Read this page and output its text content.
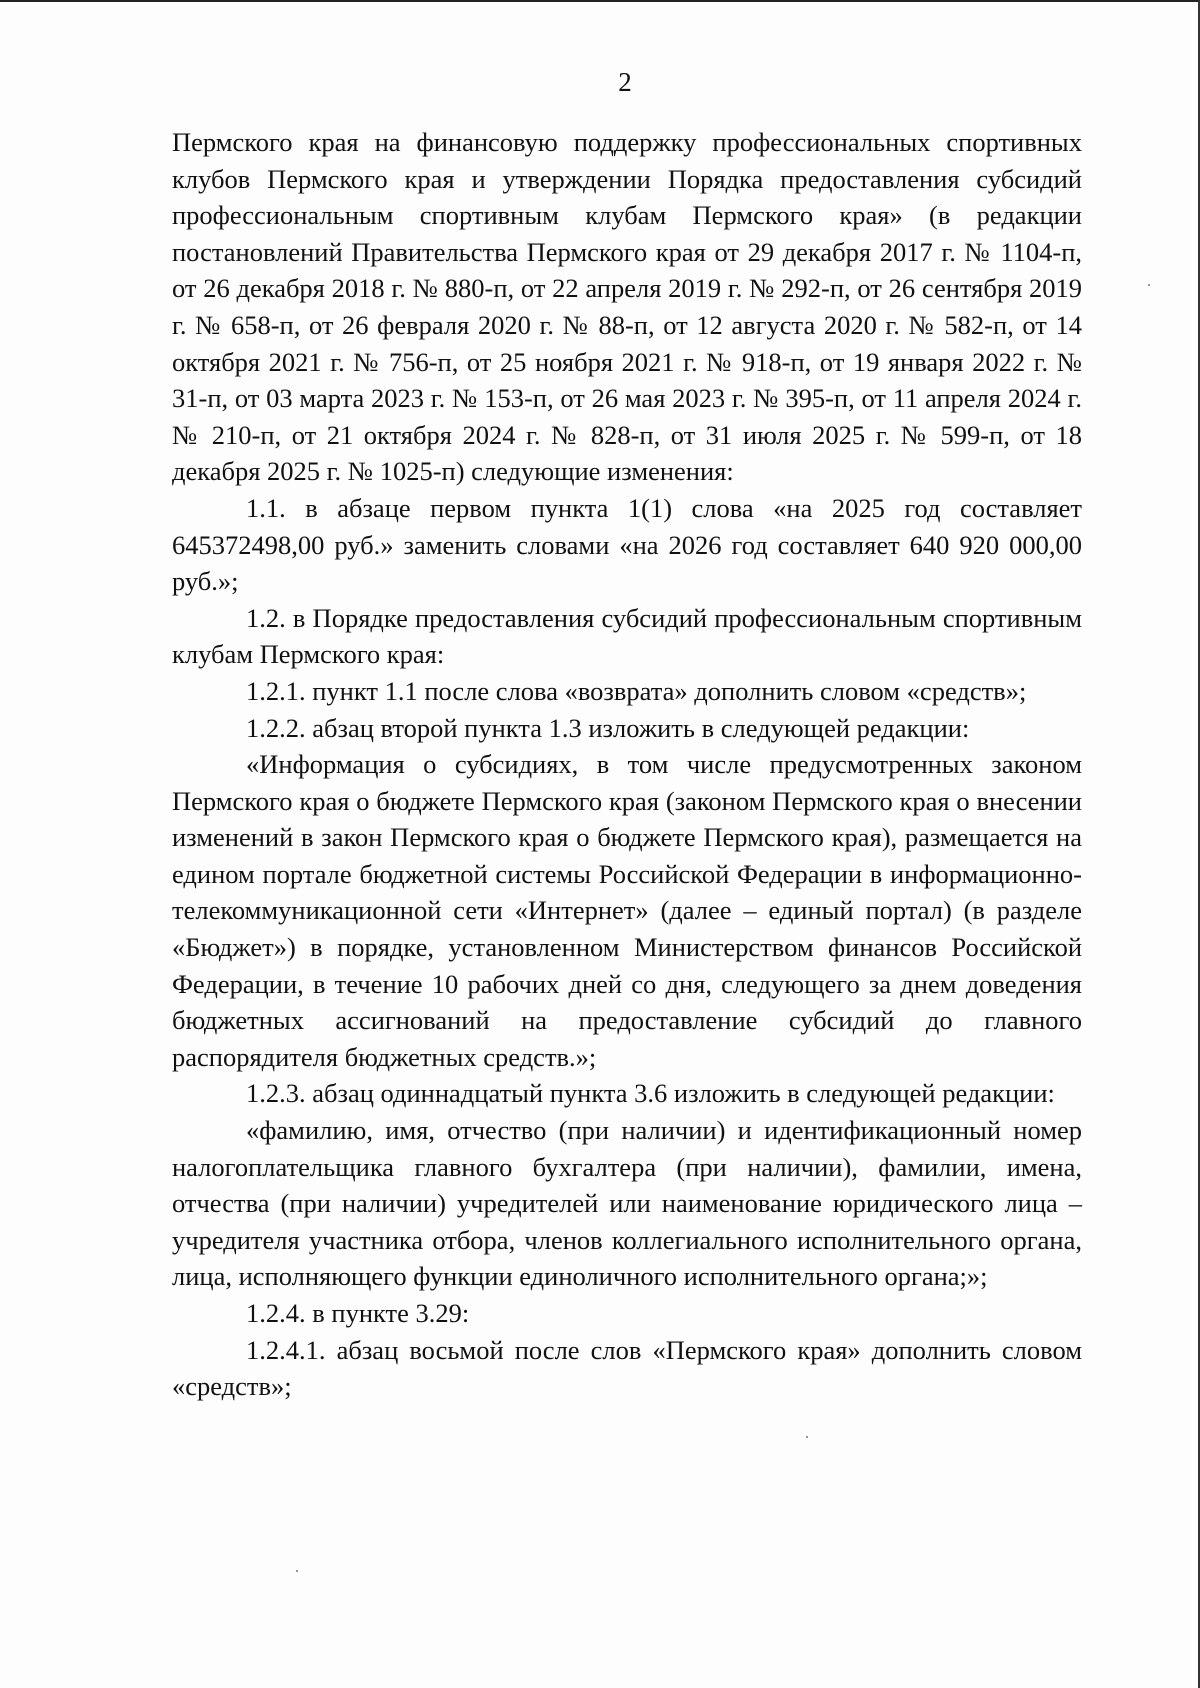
2

Пермского края на финансовую поддержку профессиональных спортивных клубов Пермского края и утверждении Порядка предоставления субсидий профессиональным спортивным клубам Пермского края» (в редакции постановлений Правительства Пермского края от 29 декабря 2017 г. № 1104-п, от 26 декабря 2018 г. № 880-п, от 22 апреля 2019 г. № 292-п, от 26 сентября 2019 г. № 658-п, от 26 февраля 2020 г. № 88-п, от 12 августа 2020 г. № 582-п, от 14 октября 2021 г. № 756-п, от 25 ноября 2021 г. № 918-п, от 19 января 2022 г. № 31-п, от 03 марта 2023 г. № 153-п, от 26 мая 2023 г. № 395-п, от 11 апреля 2024 г. № 210-п, от 21 октября 2024 г. № 828-п, от 31 июля 2025 г. № 599-п, от 18 декабря 2025 г. № 1025-п) следующие изменения:

1.1. в абзаце первом пункта 1(1) слова «на 2025 год составляет 645372498,00 руб.» заменить словами «на 2026 год составляет 640 920 000,00 руб.»;

1.2. в Порядке предоставления субсидий профессиональным спортивным клубам Пермского края:

1.2.1. пункт 1.1 после слова «возврата» дополнить словом «средств»;

1.2.2. абзац второй пункта 1.3 изложить в следующей редакции:

«Информация о субсидиях, в том числе предусмотренных законом Пермского края о бюджете Пермского края (законом Пермского края о внесении изменений в закон Пермского края о бюджете Пермского края), размещается на едином портале бюджетной системы Российской Федерации в информационно-телекоммуникационной сети «Интернет» (далее – единый портал) (в разделе «Бюджет») в порядке, установленном Министерством финансов Российской Федерации, в течение 10 рабочих дней со дня, следующего за днем доведения бюджетных ассигнований на предоставление субсидий до главного распорядителя бюджетных средств.»;

1.2.3. абзац одиннадцатый пункта 3.6 изложить в следующей редакции:

«фамилию, имя, отчество (при наличии) и идентификационный номер налогоплательщика главного бухгалтера (при наличии), фамилии, имена, отчества (при наличии) учредителей или наименование юридического лица – учредителя участника отбора, членов коллегиального исполнительного органа, лица, исполняющего функции единоличного исполнительного органа;»;

1.2.4. в пункте 3.29:

1.2.4.1. абзац восьмой после слов «Пермского края» дополнить словом «средств»;
